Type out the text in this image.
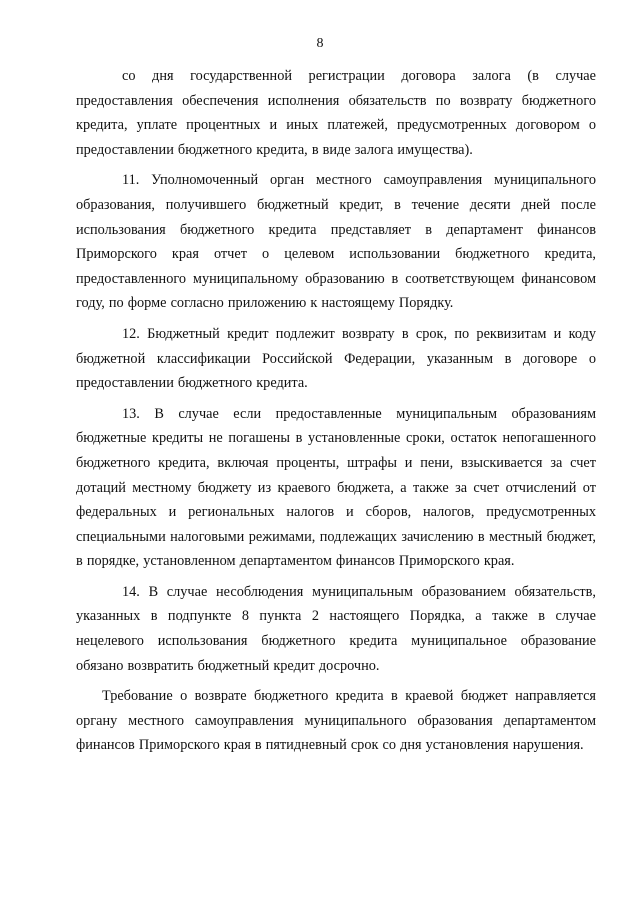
8

со дня государственной регистрации договора залога (в случае предоставления обеспечения исполнения обязательств по возврату бюджетного кредита, уплате процентных и иных платежей, предусмотренных договором о предоставлении бюджетного кредита, в виде залога имущества).

11. Уполномоченный орган местного самоуправления муниципального образования, получившего бюджетный кредит, в течение десяти дней после использования бюджетного кредита представляет в департамент финансов Приморского края отчет о целевом использовании бюджетного кредита, предоставленного муниципальному образованию в соответствующем финансовом году, по форме согласно приложению к настоящему Порядку.

12. Бюджетный кредит подлежит возврату в срок, по реквизитам и коду бюджетной классификации Российской Федерации, указанным в договоре о предоставлении бюджетного кредита.

13. В случае если предоставленные муниципальным образованиям бюджетные кредиты не погашены в установленные сроки, остаток непогашенного бюджетного кредита, включая проценты, штрафы и пени, взыскивается за счет дотаций местному бюджету из краевого бюджета, а также за счет отчислений от федеральных и региональных налогов и сборов, налогов, предусмотренных специальными налоговыми режимами, подлежащих зачислению в местный бюджет, в порядке, установленном департаментом финансов Приморского края.

14. В случае несоблюдения муниципальным образованием обязательств, указанных в подпункте 8 пункта 2 настоящего Порядка, а также в случае нецелевого использования бюджетного кредита муниципальное образование обязано возвратить бюджетный кредит досрочно.

Требование о возврате бюджетного кредита в краевой бюджет направляется органу местного самоуправления муниципального образования департаментом финансов Приморского края в пятидневный срок со дня установления нарушения.
